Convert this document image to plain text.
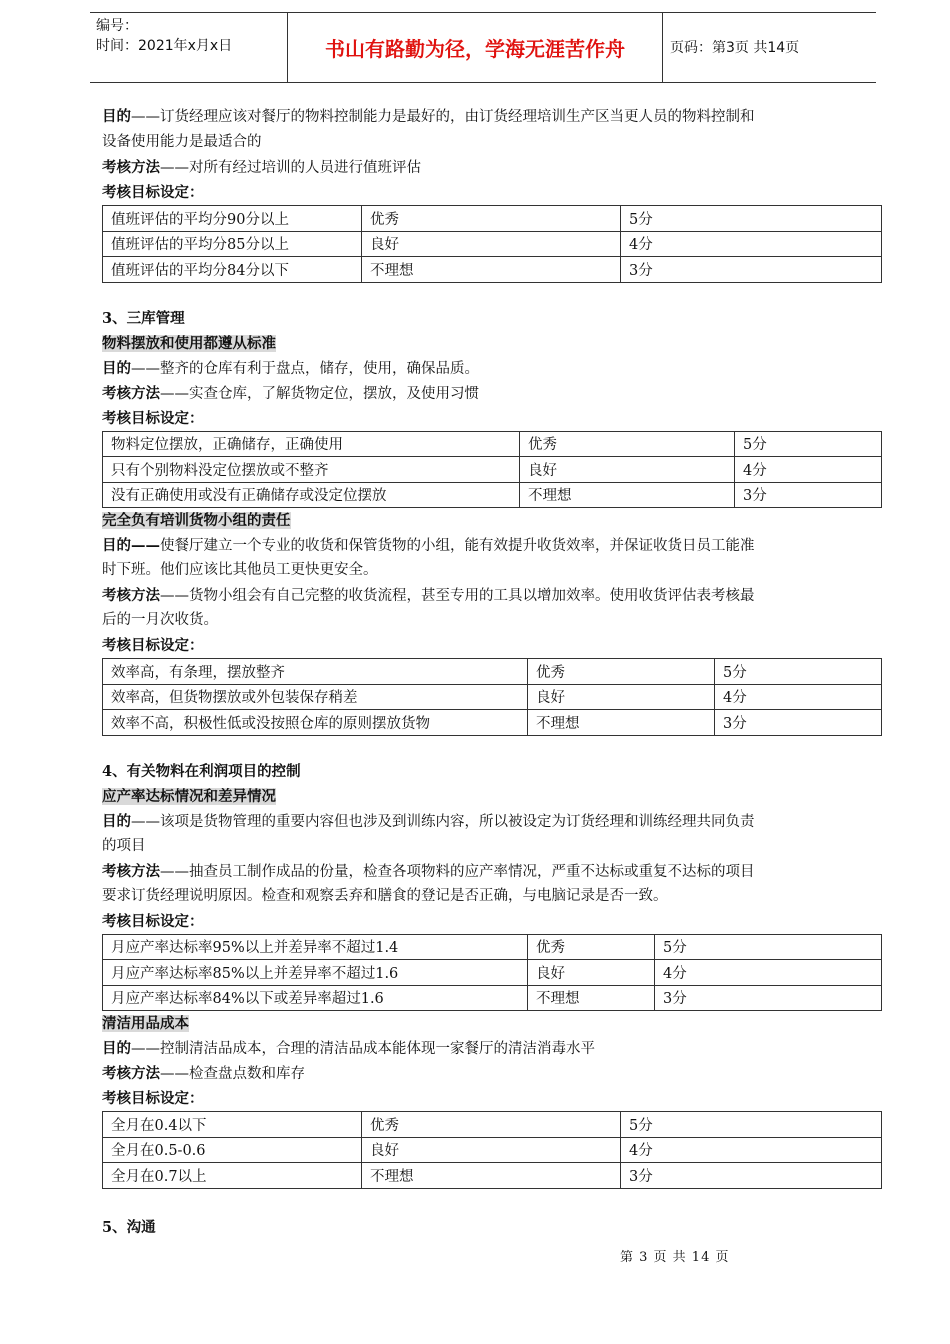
编号：
时间：2021年x月x日	书山有路勤为径，学海无涯苦作舟	页码：第3页 共14页
目的——订货经理应该对餐厅的物料控制能力是最好的，由订货经理培训生产区当更人员的物料控制和
设备使用能力是最适合的
考核方法——对所有经过培训的人员进行值班评估
考核目标设定：
值班评估的平均分90分以上	优秀	5分
值班评估的平均分85分以上	良好	4分
值班评估的平均分84分以下	不理想	3分
3、三库管理
物料摆放和使用都遵从标准
目的——整齐的仓库有利于盘点，储存，使用，确保品质。
考核方法——实查仓库，了解货物定位，摆放，及使用习惯
考核目标设定：
物料定位摆放，正确储存，正确使用	优秀	5分
只有个别物料没定位摆放或不整齐	良好	4分
没有正确使用或没有正确储存或没定位摆放	不理想	3分
完全负有培训货物小组的责任
目的——使餐厅建立一个专业的收货和保管货物的小组，能有效提升收货效率，并保证收货日员工能准
时下班。他们应该比其他员工更快更安全。
考核方法——货物小组会有自己完整的收货流程，甚至专用的工具以增加效率。使用收货评估表考核最
后的一月次收货。
考核目标设定：
效率高，有条理，摆放整齐	优秀	5分
效率高，但货物摆放或外包装保存稍差	良好	4分
效率不高，积极性低或没按照仓库的原则摆放货物	不理想	3分
4、有关物料在利润项目的控制
应产率达标情况和差异情况
目的——该项是货物管理的重要内容但也涉及到训练内容，所以被设定为订货经理和训练经理共同负责
的项目
考核方法——抽查员工制作成品的份量，检查各项物料的应产率情况，严重不达标或重复不达标的项目
要求订货经理说明原因。检查和观察丢弃和膳食的登记是否正确，与电脑记录是否一致。
考核目标设定：
月应产率达标率95%以上并差异率不超过1.4	优秀	5分
月应产率达标率85%以上并差异率不超过1.6	良好	4分
月应产率达标率84%以下或差异率超过1.6	不理想	3分
清洁用品成本
目的——控制清洁品成本，合理的清洁品成本能体现一家餐厅的清洁消毒水平
考核方法——检查盘点数和库存
考核目标设定：
全月在0.4以下	优秀	5分
全月在0.5-0.6	良好	4分
全月在0.7以上	不理想	3分
5、沟通
第 3 页 共 14 页
